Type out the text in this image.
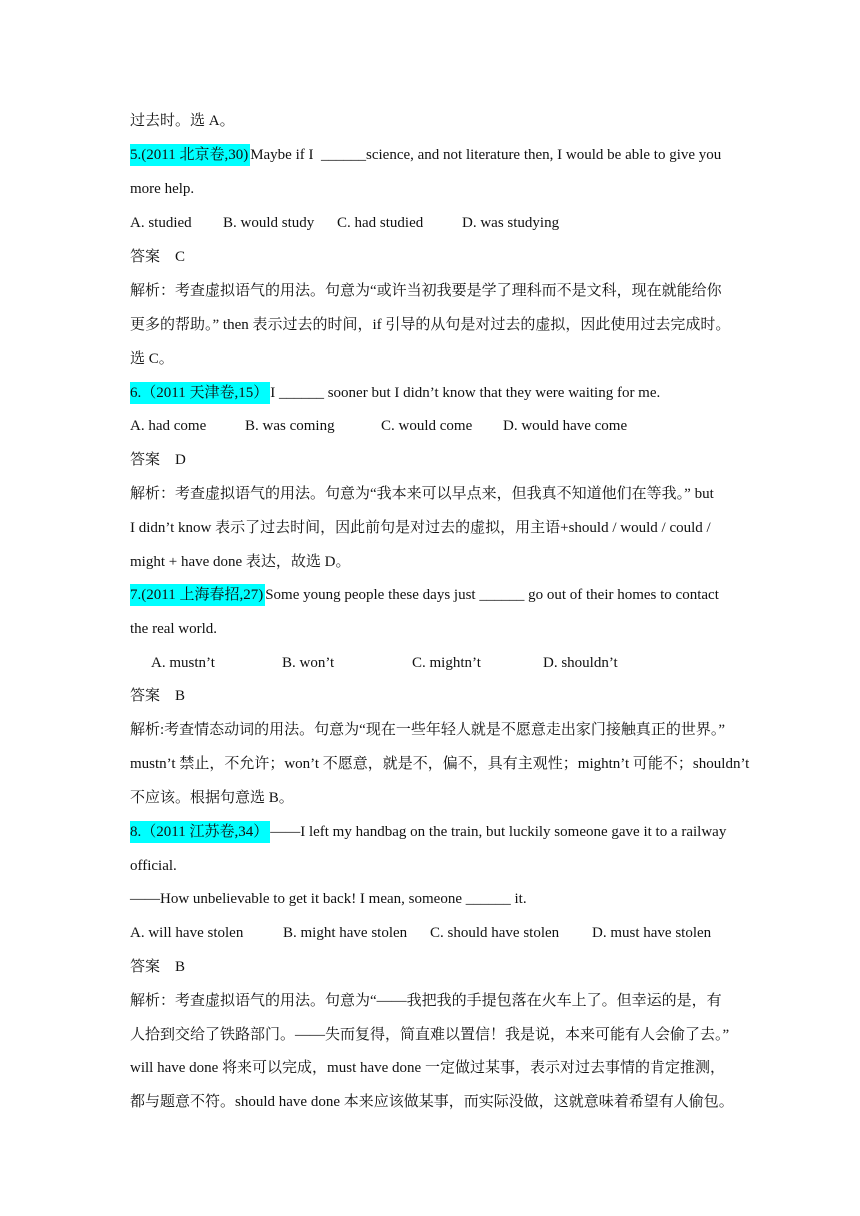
过去时。选 A。
5.(2011 北京卷,30) Maybe if I  ______science, and not literature then, I would be able to give you
more help.
A. studied B. would study C. had studied	D. was studying
答案    C
解析：考查虚拟语气的用法。句意为“或许当初我要是学了理科而不是文科，现在就能给你
更多的帮助。” then 表示过去的时间，if 引导的从句是对过去的虚拟，因此使用过去完成时。
选 C。
6.（2011 天津卷,15） I ______ sooner but I didn’t know that they were waiting for me.
A. had come	B. was coming	C. would come D. would have come
答案    D
解析：考查虚拟语气的用法。句意为“我本来可以早点来，但我真不知道他们在等我。” but
I didn’t know 表示了过去时间，因此前句是对过去的虚拟，用主语+should / would / could /
might + have done 表达，故选 D。
7.(2011 上海春招,27) Some young people these days just ______ go out of their homes to contact
the real world.
A. mustn’t	B. won’t	C. mightn’t	D. shouldn’t
答案    B
解析:考查情态动词的用法。句意为“现在一些年轻人就是不愿意走出家门接触真正的世界。”
mustn’t 禁止，不允许；won’t 不愿意，就是不，偏不，具有主观性；mightn’t 可能不；shouldn’t
不应该。根据句意选 B。
8.（2011 江苏卷,34） ——I left my handbag on the train, but luckily someone gave it to a railway
official.
——How unbelievable to get it back! I mean, someone ______ it.
A. will have stolen	B. might have stolen C. should have stolen D. must have stolen
答案    B
解析：考查虚拟语气的用法。句意为“——我把我的手提包落在火车上了。但幸运的是，有
人拾到交给了铁路部门。——失而复得，简直难以置信！我是说，本来可能有人会偷了去。”
will have done 将来可以完成，must have done 一定做过某事，表示对过去事情的肯定推测，
都与题意不符。should have done 本来应该做某事，而实际没做，这就意味着希望有人偷包。
